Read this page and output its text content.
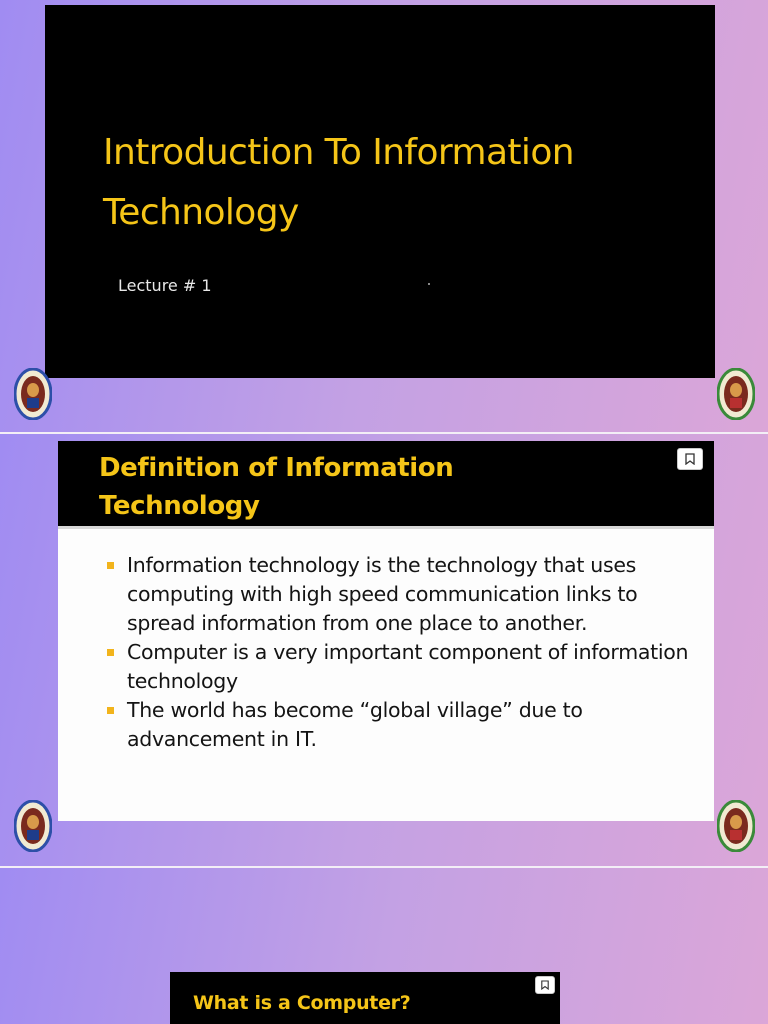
Introduction To Information Technology
Lecture # 1
Definition of Information Technology
Information technology is the technology that uses computing with high speed communication links to spread information from one place to another.
Computer is a very important component of information technology
The world has become “global village” due to advancement in IT.
What is a Computer?
